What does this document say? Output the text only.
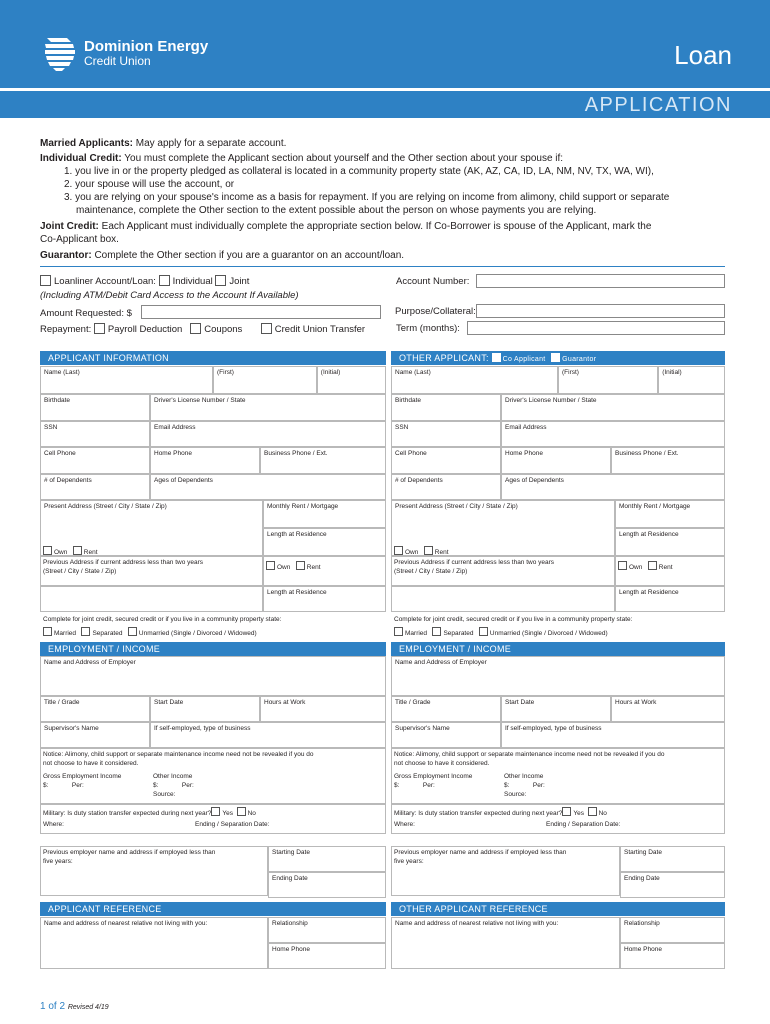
Dominion Energy
Credit Union	Loan
APPLICATION
Married Applicants: May apply for a separate account.
Individual Credit: You must complete the Applicant section about yourself and the Other section about your spouse if:
1. you live in or the property pledged as collateral is located in a community property state (AK, AZ, CA, ID, LA, NM, NV, TX, WA, WI),
2. your spouse will use the account, or
3. you are relying on your spouse's income as a basis for repayment. If you are relying on income from alimony, child support or separate
maintenance, complete the Other section to the extent possible about the person on whose payments you are relying.
Joint Credit: Each Applicant must individually complete the appropriate section below. If Co-Borrower is spouse of the Applicant, mark the
Co-Applicant box.
Guarantor: Complete the Other section if you are a guarantor on an account/loan.
Loanliner Account/Loan: Individual Joint
(Including ATM/Debit Card Access to the Account If Available)
Account Number:
Amount Requested: $	Purpose/Collateral:
Repayment: Payroll Deduction Coupons	Credit Union Transfer	Term (months):
APPLICANT INFORMATION	OTHER APPLICANT: Co Applicant Guarantor
Name (Last)	(First)	(Initial)
Birthdate	Driver's License Number / State
SSN	Email Address
Cell Phone	Home Phone	Business Phone / Ext.
# of Dependents	Ages of Dependents
Present Address (Street / City / State / Zip)	Monthly Rent / Mortgage
Length at Residence
Own	Rent
Previous Address if current address less than two years
(Street / City / State / Zip)
Own	Rent
Length at Residence
Complete for joint credit, secured credit or if you live in a community property state:
Married	Separated	Unmarried (Single / Divorced / Widowed)
EMPLOYMENT / INCOME
Name and Address of Employer
Title / Grade	Start Date	Hours at Work
Supervisor's Name	If self-employed, type of business
Notice: Alimony, child support or separate maintenance income need not be revealed if you do
not choose to have it considered.
Gross Employment Income
$:	Per:
Other Income
$:	Per:
Source:
Military: Is duty station transfer expected during next year? Yes No
Where:	Ending / Separation Date:
Previous employer name and address if employed less than
five years:
Starting Date
Ending Date
APPLICANT REFERENCE
Name and address of nearest relative not living with you:	Relationship
Home Phone
Name (Last)	(First)	(Initial)
Birthdate	Driver's License Number / State
SSN	Email Address
Cell Phone	Home Phone	Business Phone / Ext.
# of Dependents	Ages of Dependents
Present Address (Street / City / State / Zip)	Monthly Rent / Mortgage
Length at Residence
Own	Rent
Previous Address if current address less than two years
(Street / City / State / Zip)
Own	Rent
Length at Residence
Complete for joint credit, secured credit or if you live in a community property state:
Married	Separated	Unmarried (Single / Divorced / Widowed)
EMPLOYMENT / INCOME
Name and Address of Employer
Title / Grade	Start Date	Hours at Work
Supervisor's Name	If self-employed, type of business
Notice: Alimony, child support or separate maintenance income need not be revealed if you do
not choose to have it considered.
Gross Employment Income
$:	Per:
Other Income
$:	Per:
Source:
Military: Is duty station transfer expected during next year? Yes No
Where:	Ending / Separation Date:
Previous employer name and address if employed less than
five years:
Starting Date
Ending Date
OTHER APPLICANT REFERENCE
Name and address of nearest relative not living with you:	Relationship
Home Phone
1 of 2 Revised 4/19
